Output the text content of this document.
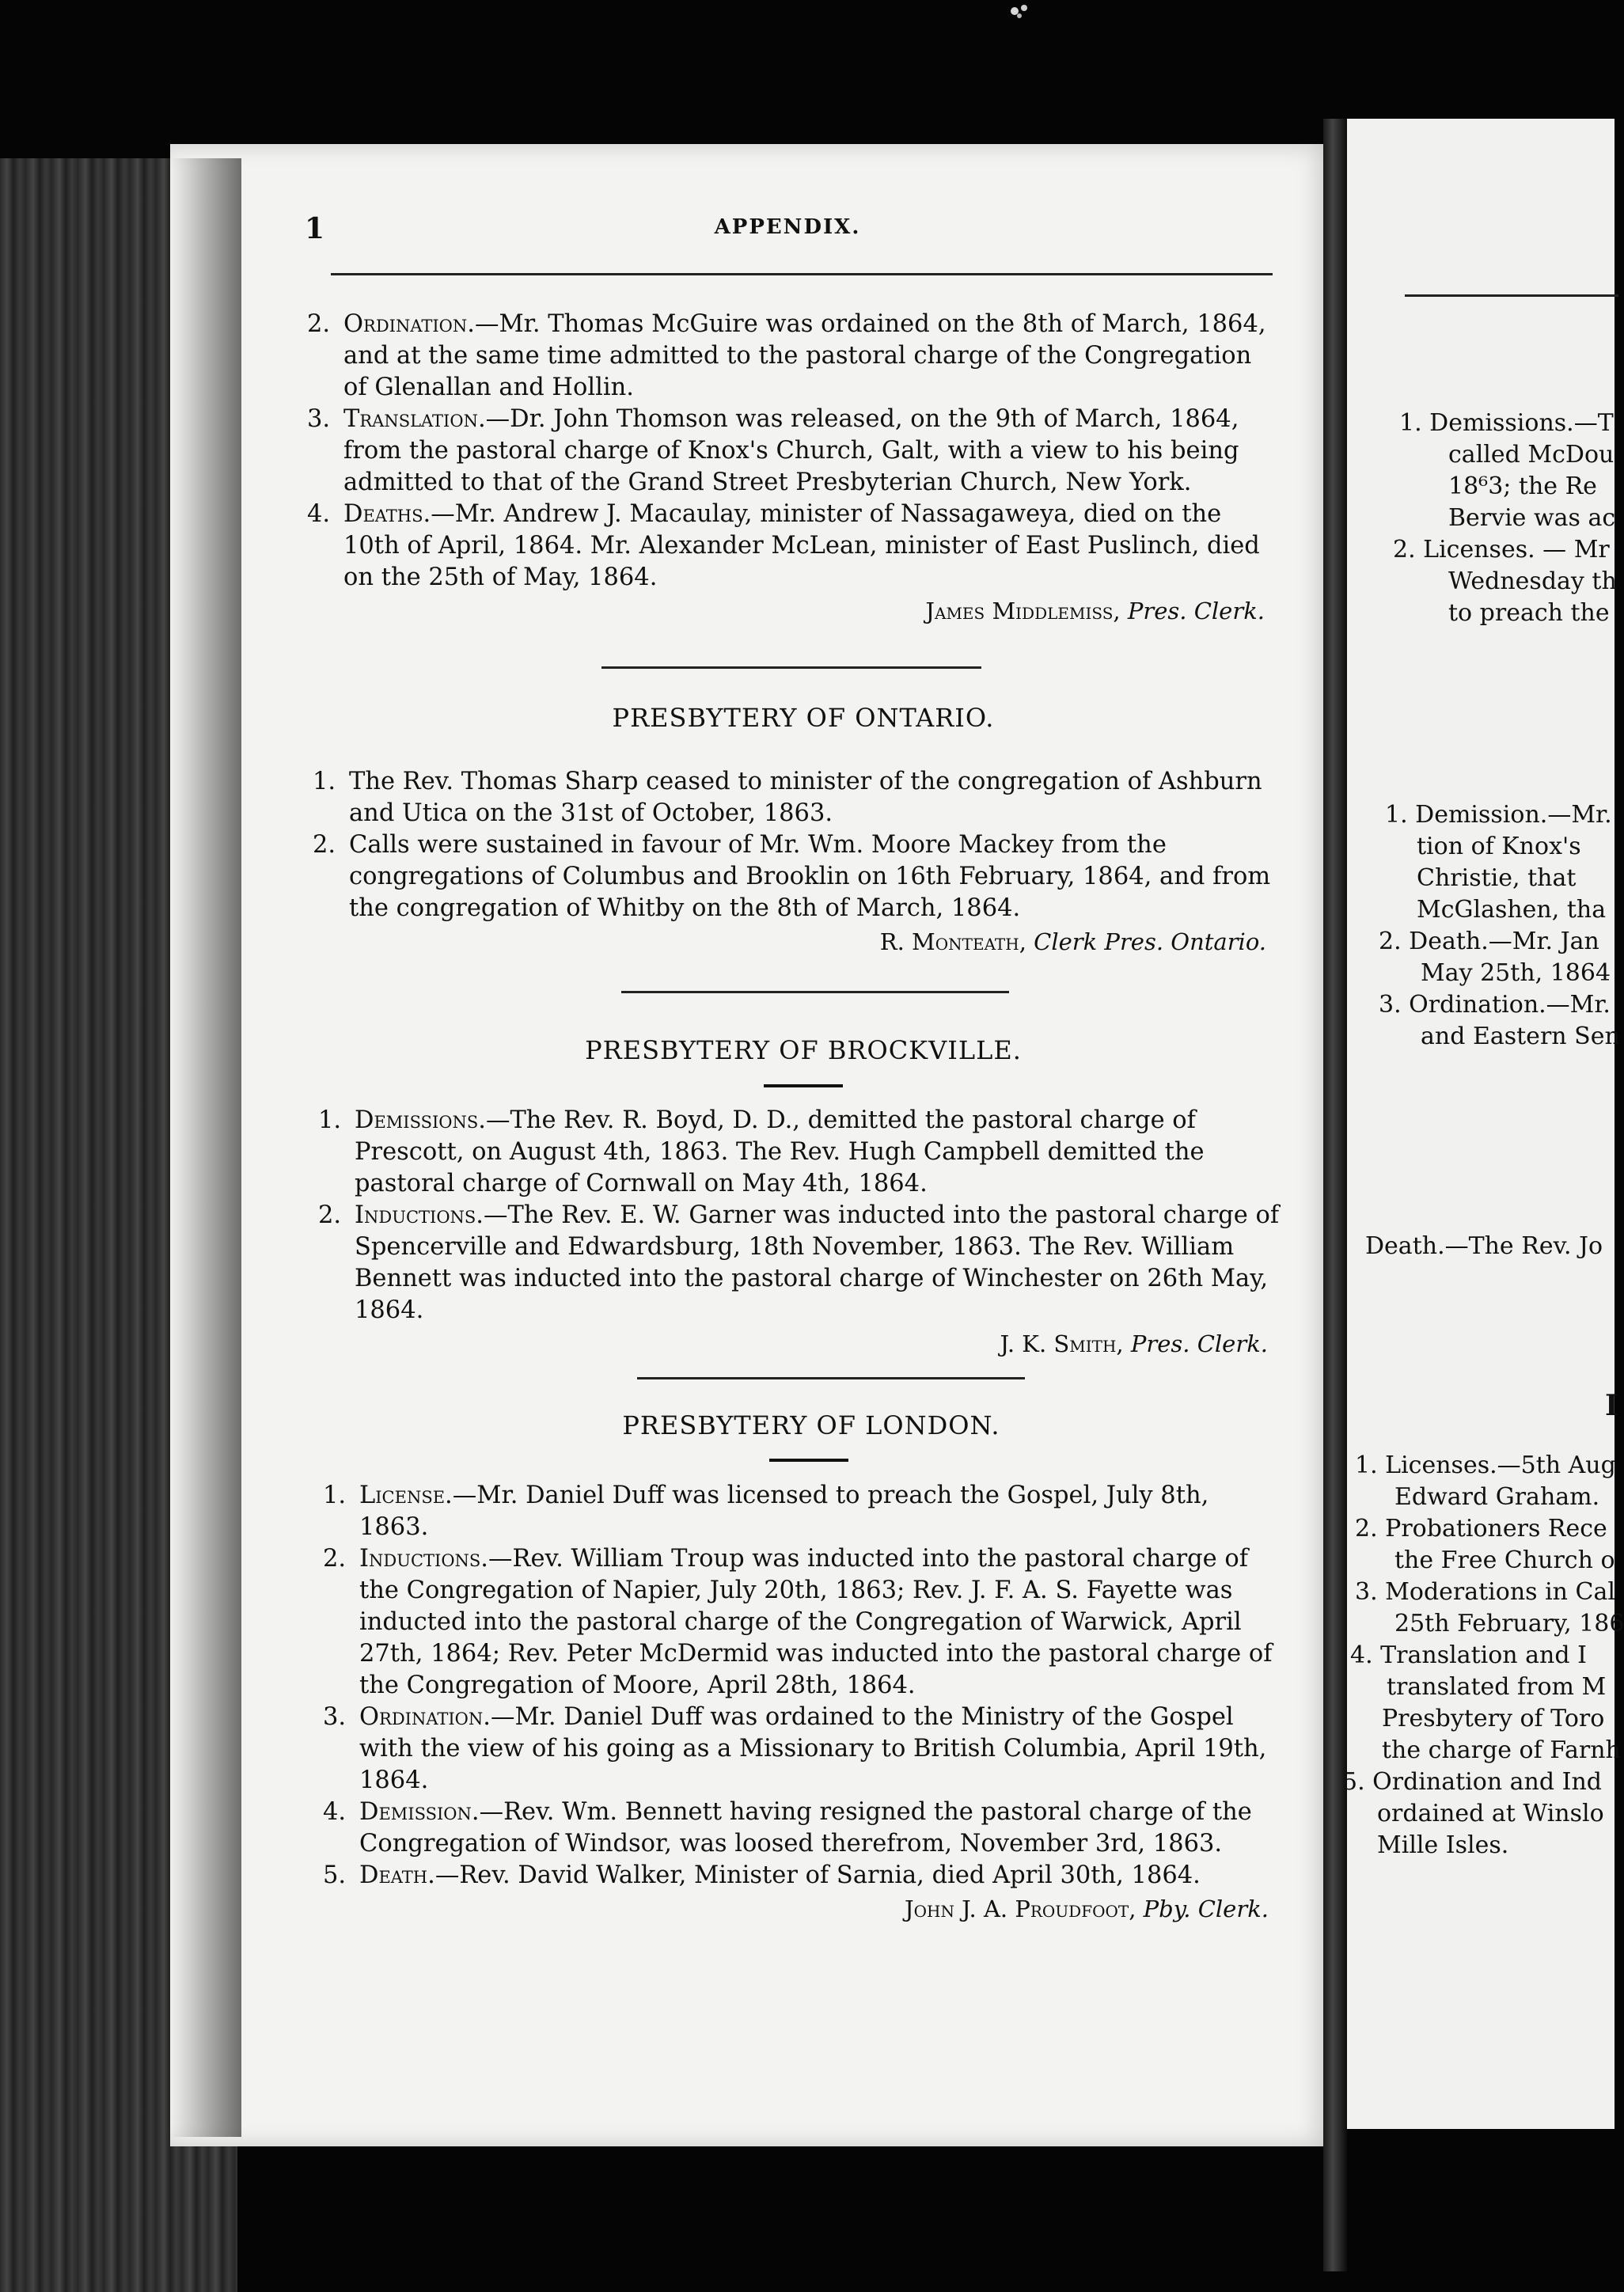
1	APPENDIX.

2. Ordination.—Mr. Thomas McGuire was ordained on the 8th of March, 1864, and at the same time admitted to the pastoral charge of the Congregation of Glenallan and Hollin.

3. Translation.—Dr. John Thomson was released, on the 9th of March, 1864, from the pastoral charge of Knox's Church, Galt, with a view to his being admitted to that of the Grand Street Presbyterian Church, New York.

4. Deaths.—Mr. Andrew J. Macaulay, minister of Nassagaweya, died on the 10th of April, 1864. Mr. Alexander McLean, minister of East Puslinch, died on the 25th of May, 1864.

James Middlemiss, Pres. Clerk.
PRESBYTERY OF ONTARIO.

1. The Rev. Thomas Sharp ceased to minister of the congregation of Ashburn and Utica on the 31st of October, 1863.

2. Calls were sustained in favour of Mr. Wm. Moore Mackey from the congregations of Columbus and Brooklin on 16th February, 1864, and from the congregation of Whitby on the 8th of March, 1864.

R. Monteath, Clerk Pres. Ontario.
PRESBYTERY OF BROCKVILLE.

1. Demissions.—The Rev. R. Boyd, D. D., demitted the pastoral charge of Prescott, on August 4th, 1863. The Rev. Hugh Campbell demitted the pastoral charge of Cornwall on May 4th, 1864.

2. Inductions.—The Rev. E. W. Garner was inducted into the pastoral charge of Spencerville and Edwardsburg, 18th November, 1863. The Rev. William Bennett was inducted into the pastoral charge of Winchester on 26th May, 1864.

J. K. Smith, Pres. Clerk.
PRESBYTERY OF LONDON.

1. License.—Mr. Daniel Duff was licensed to preach the Gospel, July 8th, 1863.

2. Inductions.—Rev. William Troup was inducted into the pastoral charge of the Congregation of Napier, July 20th, 1863; Rev. J. F. A. S. Fayette was inducted into the pastoral charge of the Congregation of Warwick, April 27th, 1864; Rev. Peter McDermid was inducted into the pastoral charge of the Congregation of Moore, April 28th, 1864.

3. Ordination.—Mr. Daniel Duff was ordained to the Ministry of the Gospel with the view of his going as a Missionary to British Columbia, April 19th, 1864.

4. Demission.—Rev. Wm. Bennett having resigned the pastoral charge of the Congregation of Windsor, was loosed therefrom, November 3rd, 1863.

5. Death.—Rev. David Walker, Minister of Sarnia, died April 30th, 1864.

John J. A. Proudfoot, Pby. Clerk.
1. Demissions.—T
called McDou
18⁶3; the Re
Bervie was ac
2. Licenses. — Mr
Wednesday th
to preach the
1. Demission.—Mr.
tion of Knox's
Christie, that
McGlashen, tha
2. Death.—Mr. Jan
May 25th, 1864
3. Ordination.—Mr.
and Eastern Sen
Death.—The Rev. Jo
I
1. Licenses.—5th Aug
Edward Graham.
2. Probationers Rece
the Free Church o
3. Moderations in Cal
25th February, 186
4. Translation and I
translated from M
Presbytery of Toro
the charge of Farnh
5. Ordination and Ind
ordained at Winslo
Mille Isles.
